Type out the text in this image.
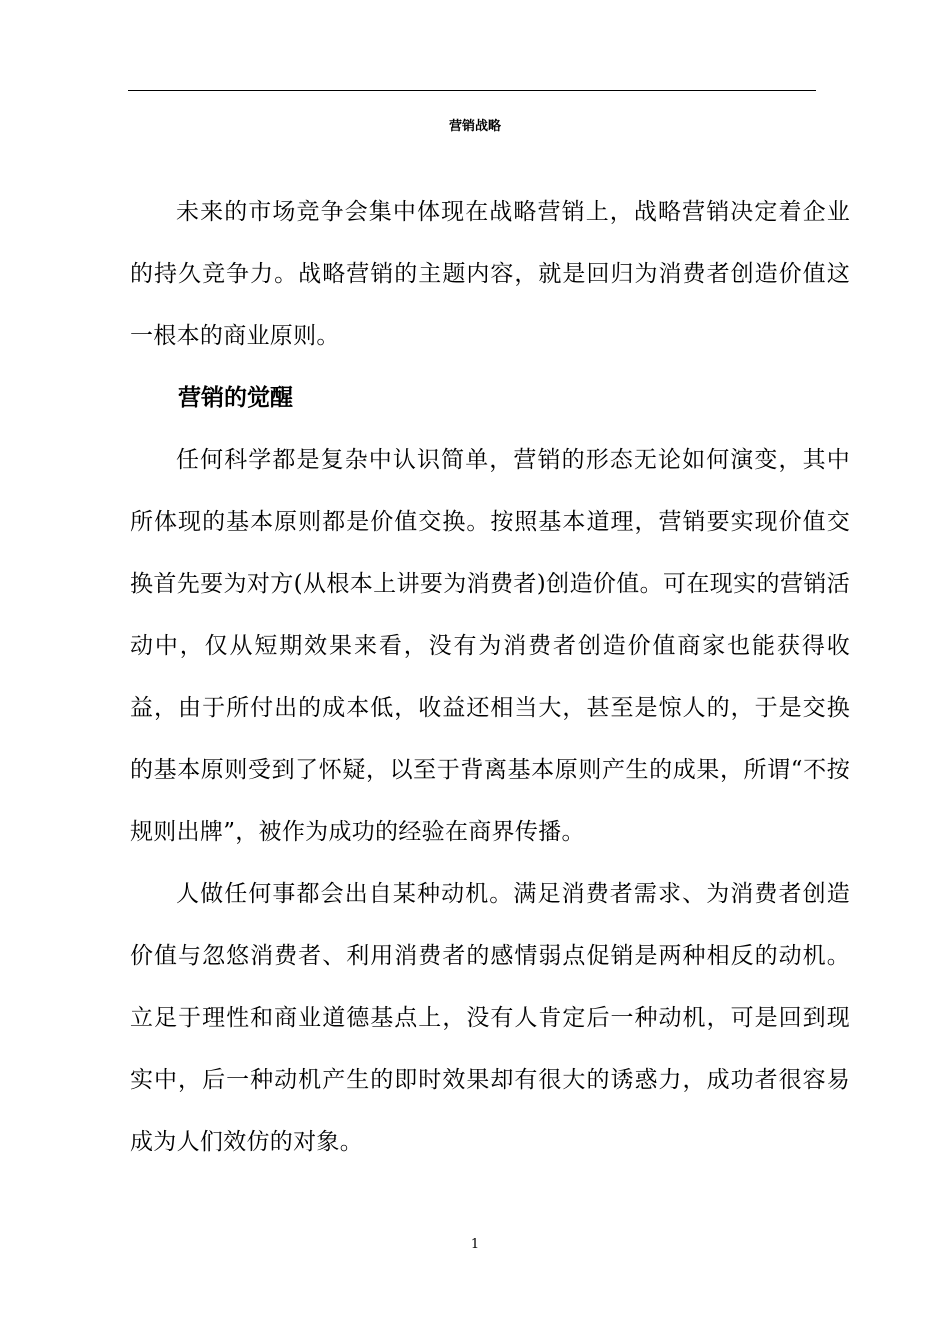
营销战略

未来的市场竞争会集中体现在战略营销上，战略营销决定着企业的持久竞争力。战略营销的主题内容，就是回归为消费者创造价值这一根本的商业原则。

营销的觉醒

任何科学都是复杂中认识简单，营销的形态无论如何演变，其中所体现的基本原则都是价值交换。按照基本道理，营销要实现价值交换首先要为对方(从根本上讲要为消费者)创造价值。可在现实的营销活动中，仅从短期效果来看，没有为消费者创造价值商家也能获得收益，由于所付出的成本低，收益还相当大，甚至是惊人的，于是交换的基本原则受到了怀疑，以至于背离基本原则产生的成果，所谓“不按规则出牌”，被作为成功的经验在商界传播。

人做任何事都会出自某种动机。满足消费者需求、为消费者创造价值与忽悠消费者、利用消费者的感情弱点促销是两种相反的动机。立足于理性和商业道德基点上，没有人肯定后一种动机，可是回到现实中，后一种动机产生的即时效果却有很大的诱惑力，成功者很容易成为人们效仿的对象。

1
